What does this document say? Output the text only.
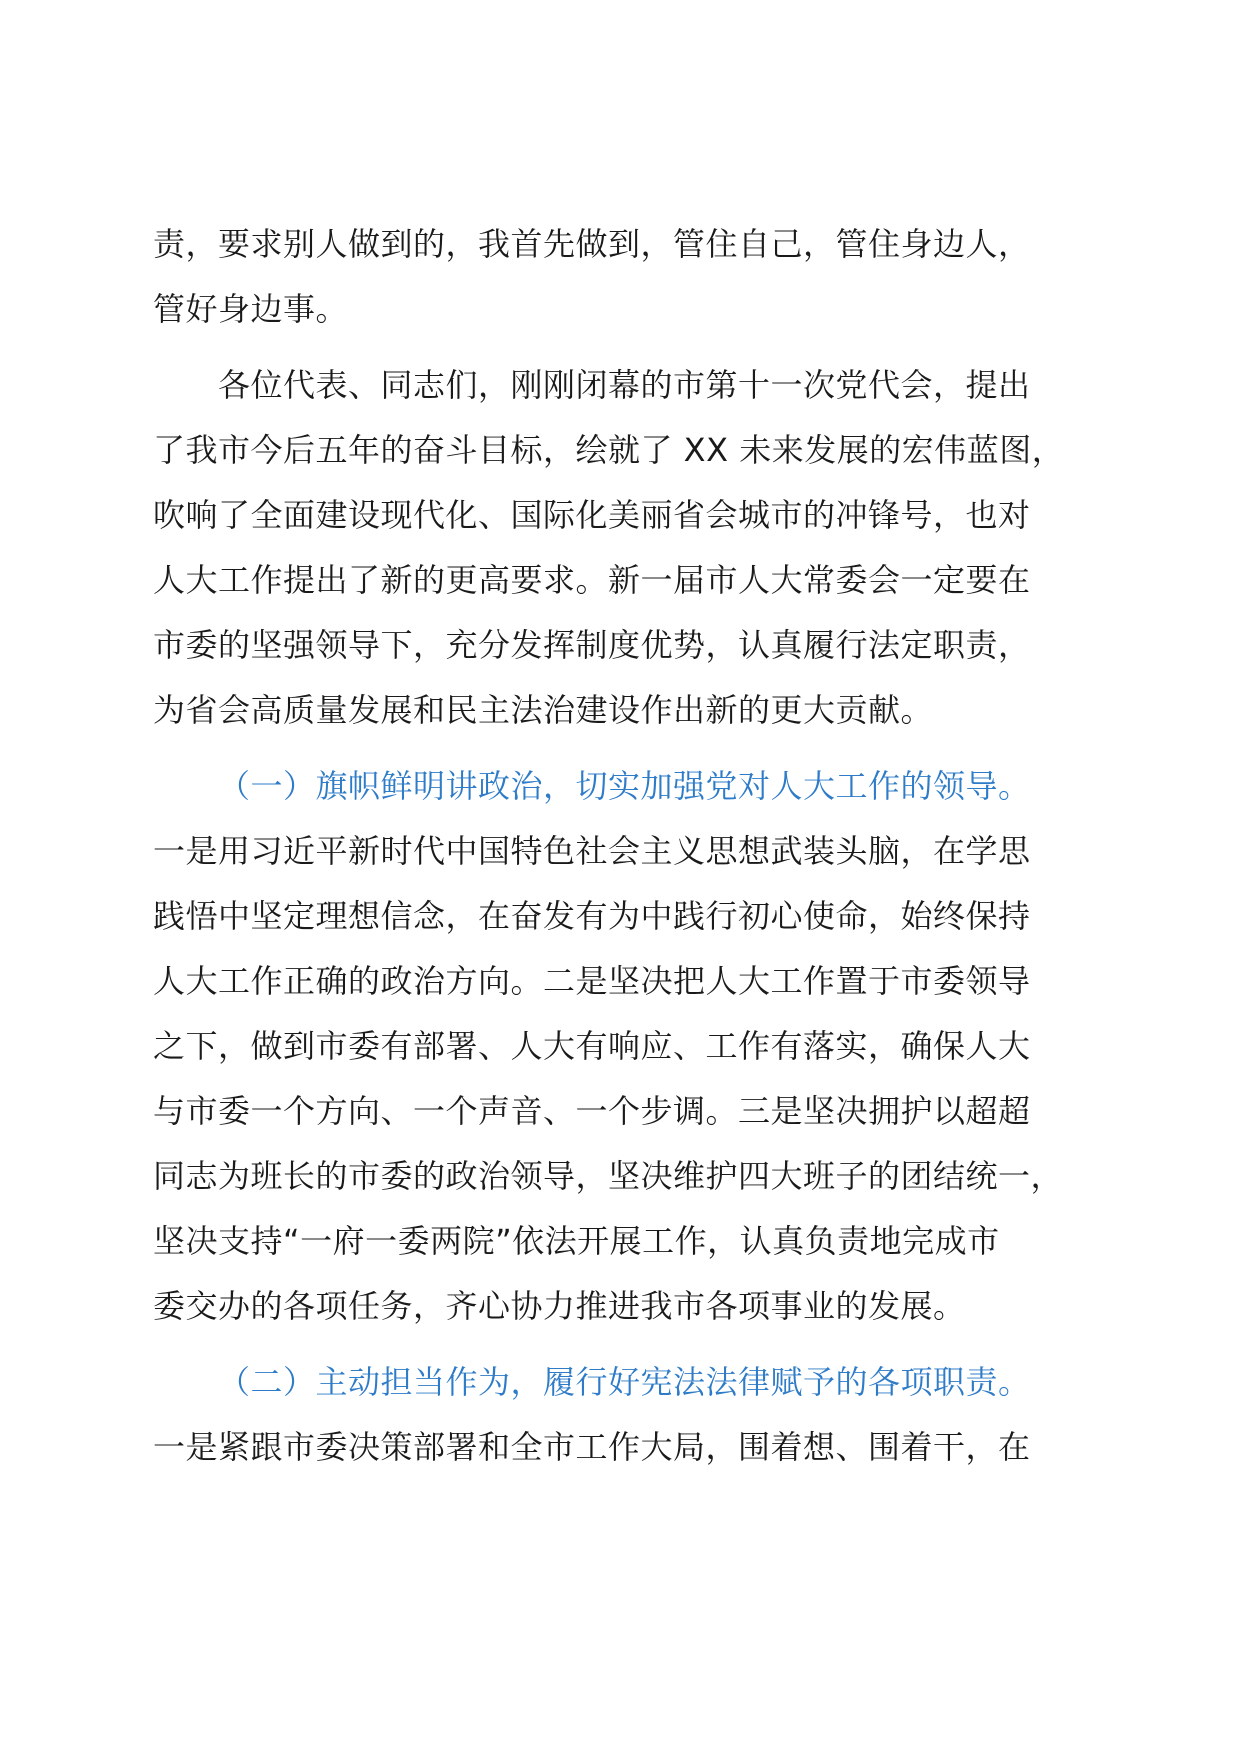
责，要求别人做到的，我首先做到，管住自己，管住身边人，
管好身边事。

各位代表、同志们，刚刚闭幕的市第十一次党代会，提出
了我市今后五年的奋斗目标，绘就了 XX 未来发展的宏伟蓝图，
吹响了全面建设现代化、国际化美丽省会城市的冲锋号，也对
人大工作提出了新的更高要求。新一届市人大常委会一定要在
市委的坚强领导下，充分发挥制度优势，认真履行法定职责，
为省会高质量发展和民主法治建设作出新的更大贡献。

（一）旗帜鲜明讲政治，切实加强党对人大工作的领导。
一是用习近平新时代中国特色社会主义思想武装头脑，在学思
践悟中坚定理想信念，在奋发有为中践行初心使命，始终保持
人大工作正确的政治方向。二是坚决把人大工作置于市委领导
之下，做到市委有部署、人大有响应、工作有落实，确保人大
与市委一个方向、一个声音、一个步调。三是坚决拥护以超超
同志为班长的市委的政治领导，坚决维护四大班子的团结统一，
坚决支持“一府一委两院”依法开展工作，认真负责地完成市
委交办的各项任务，齐心协力推进我市各项事业的发展。

（二）主动担当作为，履行好宪法法律赋予的各项职责。
一是紧跟市委决策部署和全市工作大局，围着想、围着干，在
